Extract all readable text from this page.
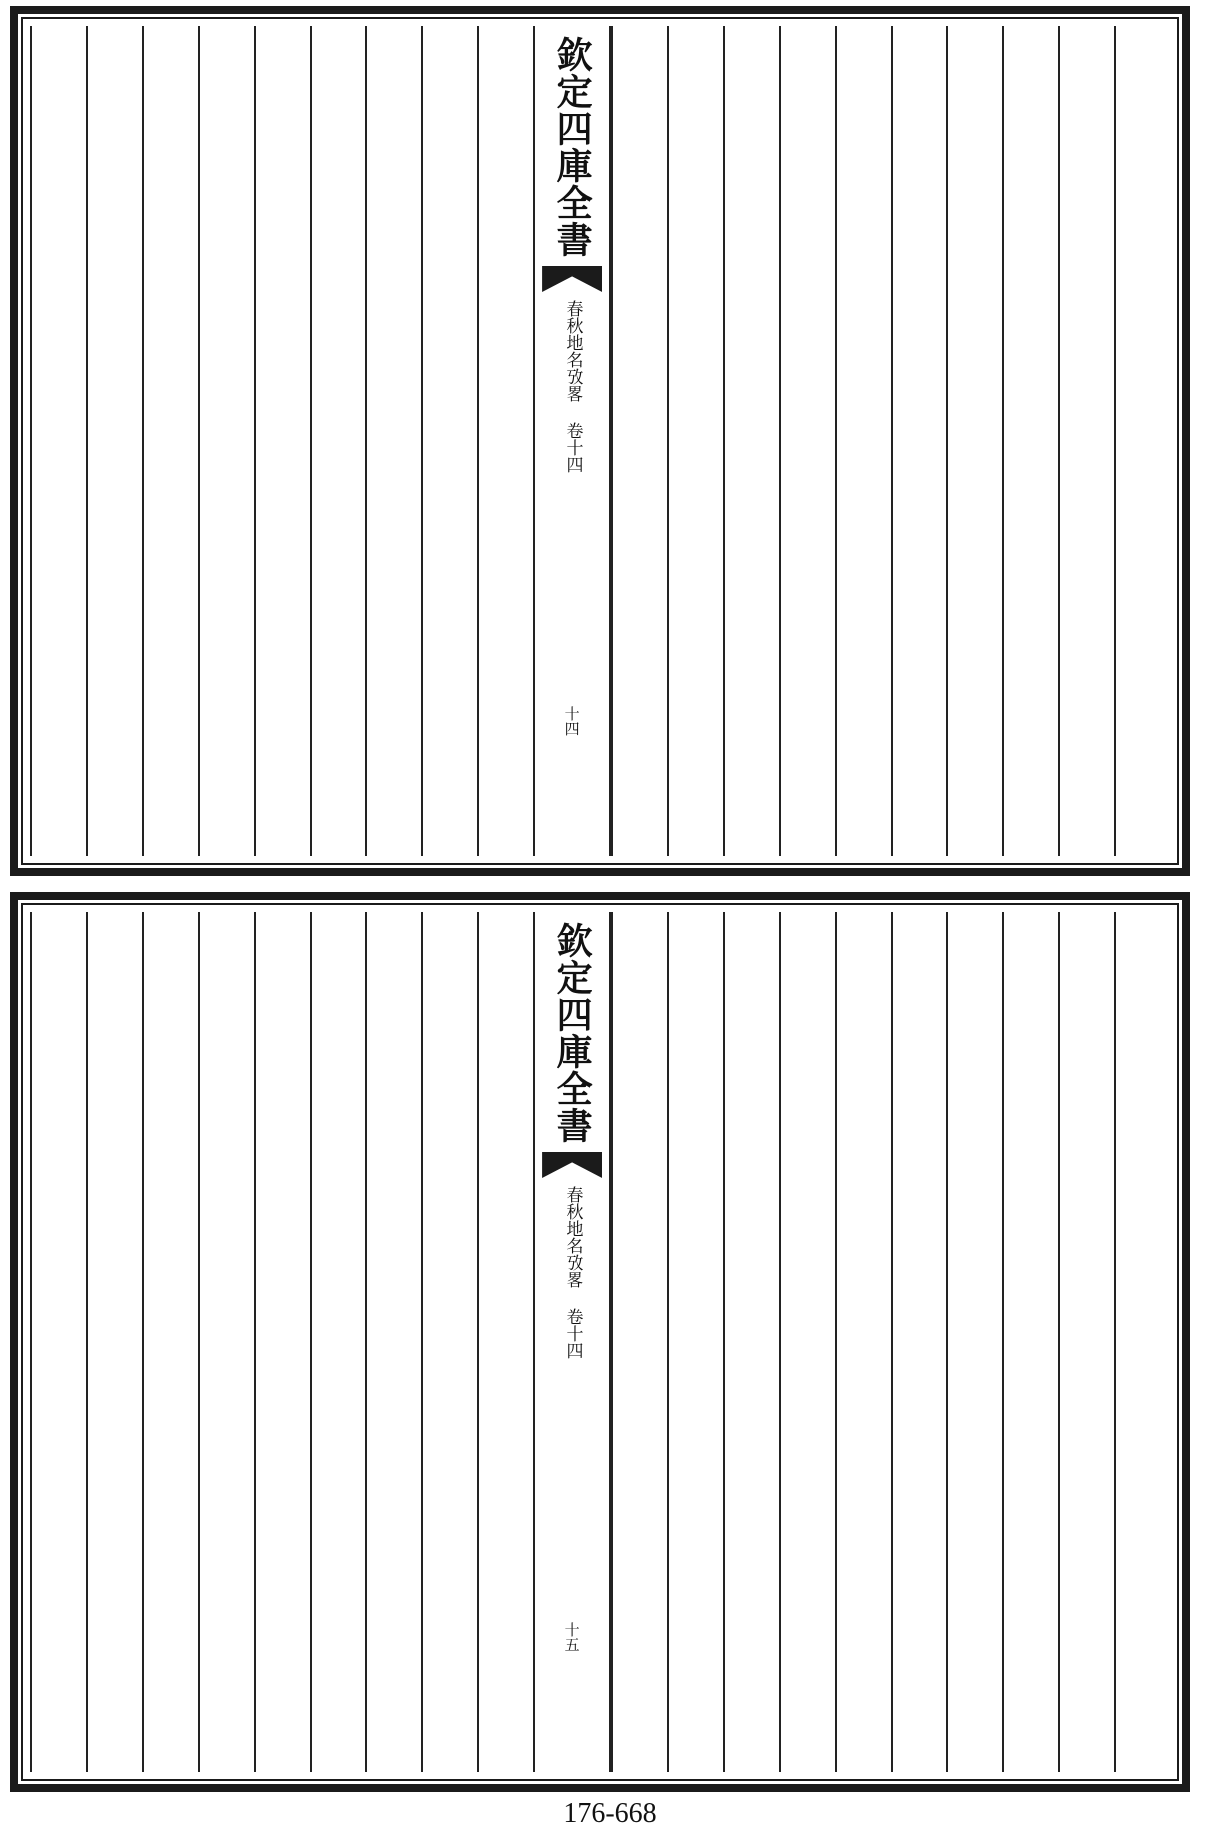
欽定四庫全書
春秋地名攷畧 卷十四
十四
欽定四庫全書
春秋地名攷畧 卷十四
十五
176-668
